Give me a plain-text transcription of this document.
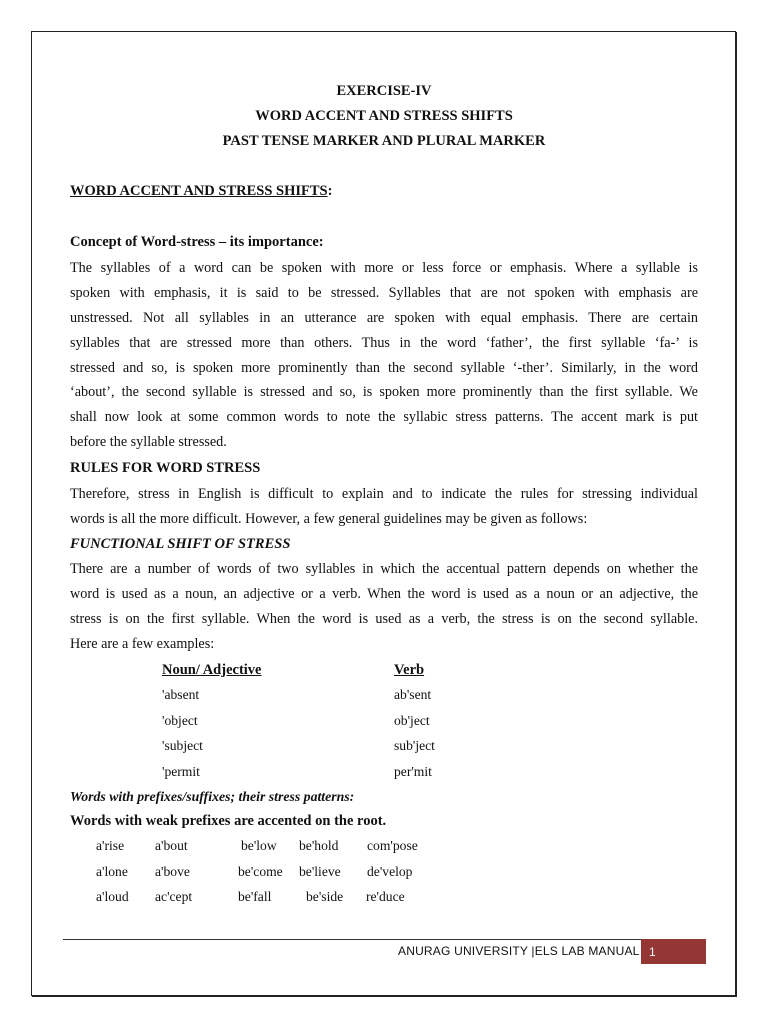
EXERCISE-IV
WORD ACCENT AND STRESS SHIFTS
PAST TENSE MARKER AND PLURAL MARKER
WORD ACCENT AND STRESS SHIFTS:
Concept of Word-stress – its importance:
The syllables of a word can be spoken with more or less force or emphasis. Where a syllable is
spoken with emphasis, it is said to be stressed. Syllables that are not spoken with emphasis are
unstressed. Not all syllables in an utterance are spoken with equal emphasis. There are certain
syllables that are stressed more than others. Thus in the word ‘father’, the first syllable ‘fa-’ is
stressed and so, is spoken more prominently than the second syllable ‘-ther’. Similarly, in the word
‘about’, the second syllable is stressed and so, is spoken more prominently than the first syllable. We
shall now look at some common words to note the syllabic stress patterns. The accent mark is put
before the syllable stressed.
RULES FOR WORD STRESS
Therefore, stress in English is difficult to explain and to indicate the rules for stressing individual
words is all the more difficult. However, a few general guidelines may be given as follows:
FUNCTIONAL SHIFT OF STRESS
There are a number of words of two syllables in which the accentual pattern depends on whether the
word is used as a noun, an adjective or a verb. When the word is used as a noun or an adjective, the
stress is on the first syllable. When the word is used as a verb, the stress is on the second syllable.
Here are a few examples:
Noun/ Adjective	Verb
'absent	ab'sent
'object	ob'ject
'subject	sub'ject
'permit	per'mit
Words with prefixes/suffixes; their stress patterns:
Words with weak prefixes are accented on the root.
a'rise a'bout	be'low be'hold com'pose
a'lone a'bove	be'come be'lieve de'velop
a'loud ac'cept	be'fall	be'side re'duce
ANURAG UNIVERSITY |ELS LAB MANUAL 1
